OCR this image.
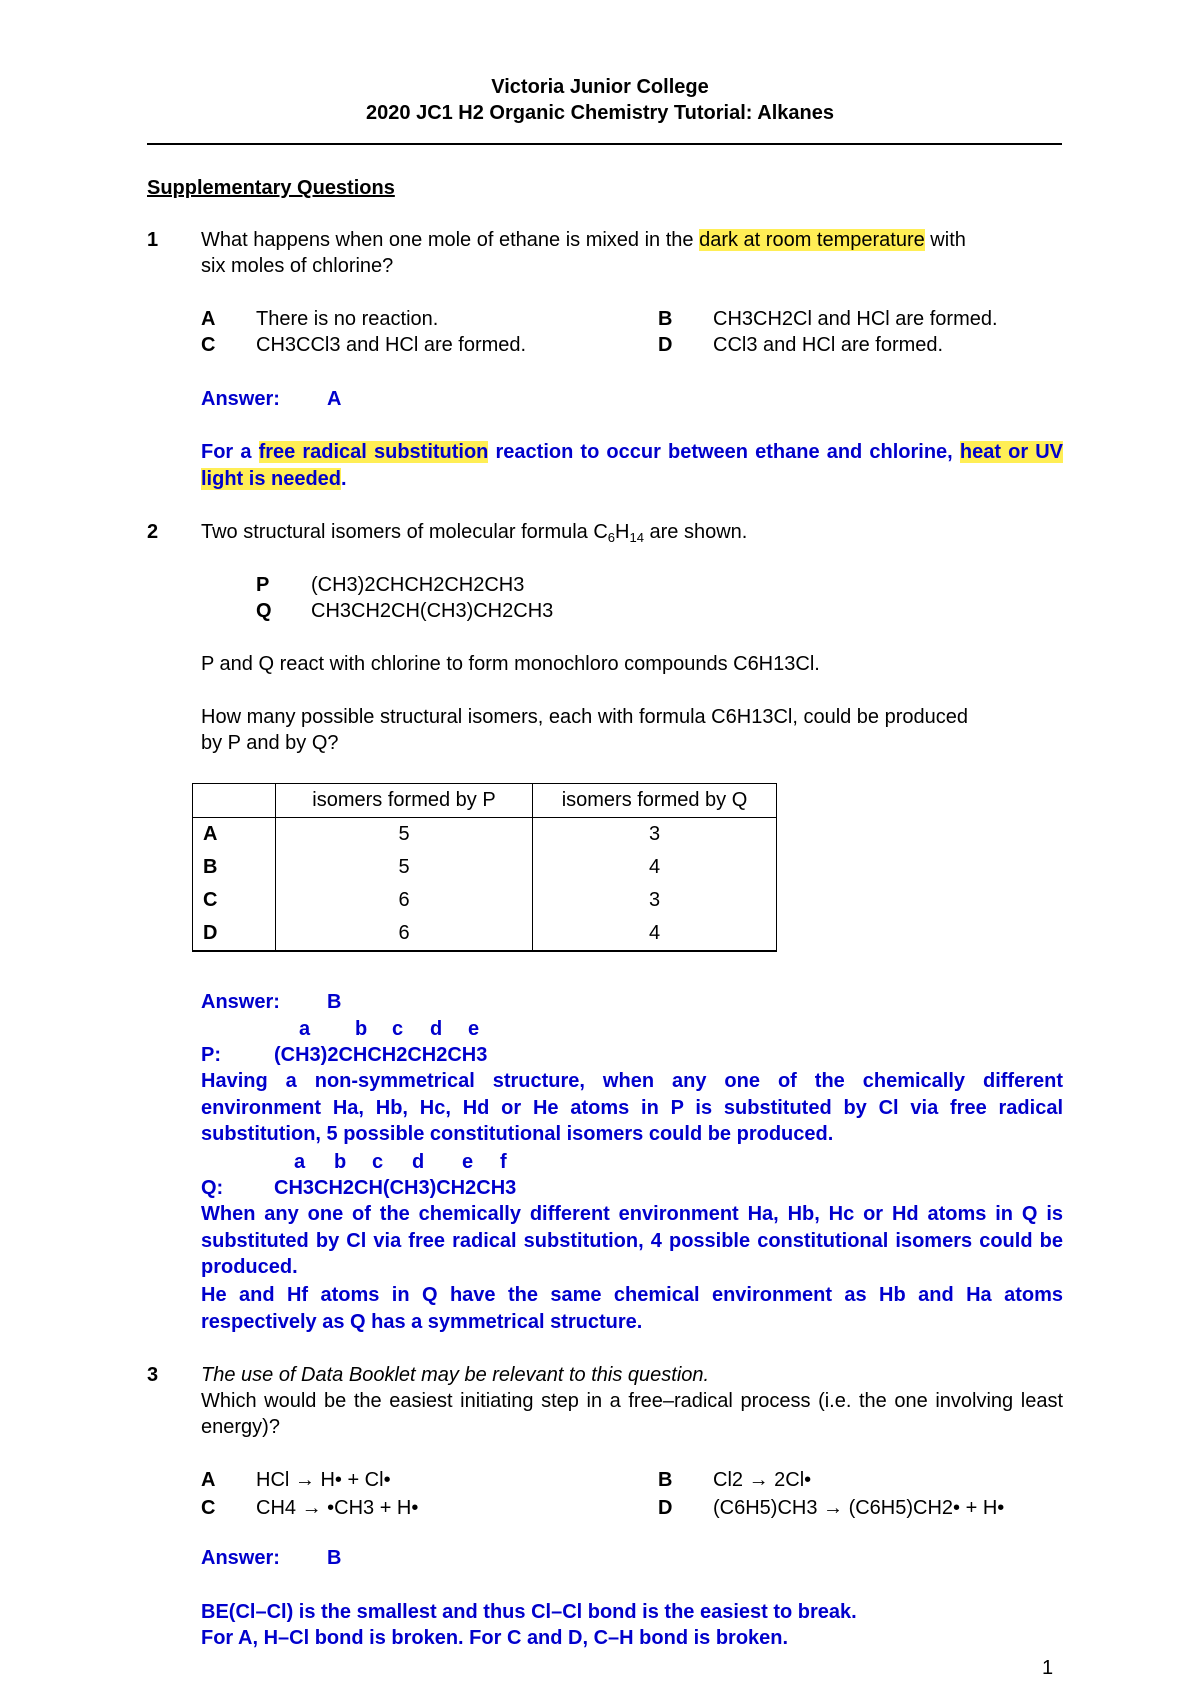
Victoria Junior College
2020 JC1 H2 Organic Chemistry Tutorial: Alkanes
Supplementary Questions
1 What happens when one mole of ethane is mixed in the dark at room temperature with
six moles of chlorine?
A There is no reaction.	B CH3CH2Cl and HCl are formed.
C CH3CCl3 and HCl are formed.	D CCl3 and HCl are formed.
Answer: A
For a free radical substitution reaction to occur between ethane and chlorine, heat or UV light is needed.
2 Two structural isomers of molecular formula $C_6H_{14}$ are shown.
P (CH3)2CHCH2CH2CH3
Q CH3CH2CH(CH3)CH2CH3
P and Q react with chlorine to form monochloro compounds C6H13Cl.
How many possible structural isomers, each with formula C6H13Cl, could be produced
by P and by Q?
	isomers formed by P	isomers formed by Q
A	5	3
B	5	4
C	6	3
D	6	4
Answer: B
a b c d e
P:	(CH3)2CHCH2CH2CH3
Having a non-symmetrical structure, when any one of the chemically different environment Ha, Hb, Hc, Hd or He atoms in P is substituted by Cl via free radical substitution, 5 possible constitutional isomers could be produced.
a b c d e f
Q:	CH3CH2CH(CH3)CH2CH3
When any one of the chemically different environment Ha, Hb, Hc or Hd atoms in Q is substituted by Cl via free radical substitution, 4 possible constitutional isomers could be produced.
He and Hf atoms in Q have the same chemical environment as Hb and Ha atoms respectively as Q has a symmetrical structure.
3 The use of Data Booklet may be relevant to this question.
Which would be the easiest initiating step in a free–radical process (i.e. the one involving least energy)?
A HCl → H• + Cl•	B Cl2 → 2Cl•
C CH4 → •CH3 + H•	D (C6H5)CH3 → (C6H5)CH2• + H•
Answer: B
BE(Cl–Cl) is the smallest and thus Cl–Cl bond is the easiest to break.
For A, H–Cl bond is broken. For C and D, C–H bond is broken.
1
